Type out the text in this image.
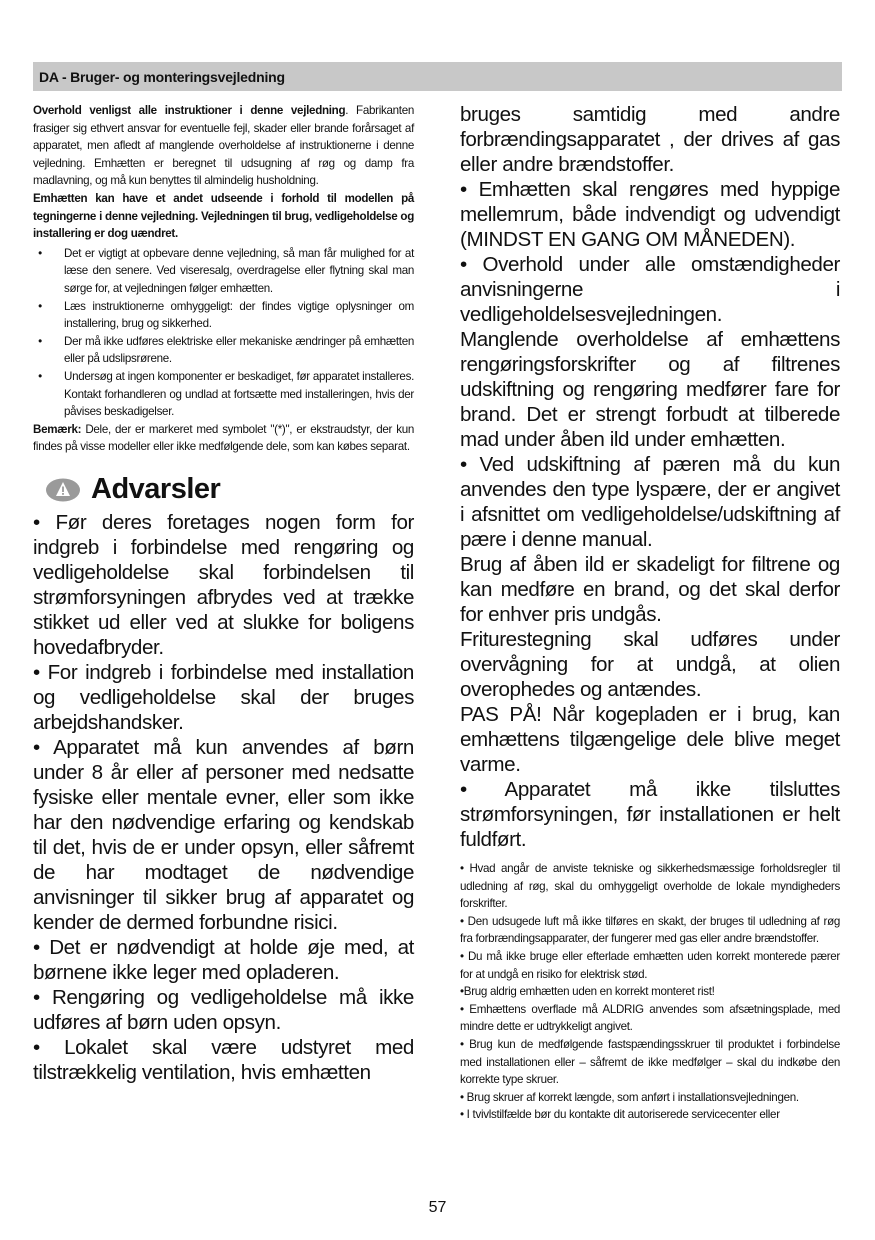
DA - Bruger- og monteringsvejledning

Overhold venligst alle instruktioner i denne vejledning. Fabrikanten frasiger sig ethvert ansvar for eventuelle fejl, skader eller brande forårsaget af apparatet, men afledt af manglende overholdelse af instruktionerne i denne vejledning. Emhætten er beregnet til udsugning af røg og damp fra madlavning, og må kun benyttes til almindelig husholdning.

Emhætten kan have et andet udseende i forhold til modellen på tegningerne i denne vejledning. Vejledningen til brug, vedligeholdelse og installering er dog uændret.

•	Det er vigtigt at opbevare denne vejledning, så man får mulighed for at læse den senere. Ved viseresalg, overdragelse eller flytning skal man sørge for, at vejledningen følger emhætten.
•	Læs instruktionerne omhyggeligt: der findes vigtige oplysninger om installering, brug og sikkerhed.
•	Der må ikke udføres elektriske eller mekaniske ændringer på emhætten eller på udslipsrørene.
•	Undersøg at ingen komponenter er beskadiget, før apparatet installeres. Kontakt forhandleren og undlad at fortsætte med installeringen, hvis der påvises beskadigelser.

Bemærk: Dele, der er markeret med symbolet "(*)", er ekstraudstyr, der kun findes på visse modeller eller ikke medfølgende dele, som kan købes separat.

Advarsler

• Før deres foretages nogen form for indgreb i forbindelse med rengøring og vedligeholdelse skal forbindelsen til strømforsyningen afbrydes ved at trække stikket ud eller ved at slukke for boligens hovedafbryder.

• For indgreb i forbindelse med installation og vedligeholdelse skal der bruges arbejdshandsker.

• Apparatet må kun anvendes af børn under 8 år eller af personer med nedsatte fysiske eller mentale evner, eller som ikke har den nødvendige erfaring og kendskab til det, hvis de er under opsyn, eller såfremt de har modtaget de nødvendige anvisninger til sikker brug af apparatet og kender de dermed forbundne risici.

• Det er nødvendigt at holde øje med, at børnene ikke leger med opladeren.

• Rengøring og vedligeholdelse må ikke udføres af børn uden opsyn.

• Lokalet skal være udstyret med tilstrækkelig ventilation, hvis emhætten

bruges samtidig med andre forbrændingsapparatet , der drives af gas eller andre brændstoffer.

• Emhætten skal rengøres med hyppige mellemrum, både indvendigt og udvendigt (MINDST EN GANG OM MÅNEDEN).

• Overhold under alle omstændigheder anvisningerne i vedligeholdelsesvejledningen.

Manglende overholdelse af emhættens rengøringsforskrifter og af filtrenes udskiftning og rengøring medfører fare for brand. Det er strengt forbudt at tilberede mad under åben ild under emhætten.

• Ved udskiftning af pæren må du kun anvendes den type lyspære, der er angivet i afsnittet om vedligeholdelse/udskiftning af pære i denne manual.

Brug af åben ild er skadeligt for filtrene og kan medføre en brand, og det skal derfor for enhver pris undgås.

Friturestegning skal udføres under overvågning for at undgå, at olien overophedes og antændes.

PAS PÅ! Når kogepladen er i brug, kan emhættens tilgængelige dele blive meget varme.

• Apparatet må ikke tilsluttes strømforsyningen, før installationen er helt fuldført.

• Hvad angår de anviste tekniske og sikkerhedsmæssige forholdsregler til udledning af røg, skal du omhyggeligt overholde de lokale myndigheders forskrifter.

• Den udsugede luft må ikke tilføres en skakt, der bruges til udledning af røg fra forbrændingsapparater, der fungerer med gas eller andre brændstoffer.

• Du må ikke bruge eller efterlade emhætten uden korrekt monterede pærer for at undgå en risiko for elektrisk stød.

•Brug aldrig emhætten uden en korrekt monteret rist!

• Emhættens overflade må ALDRIG anvendes som afsætningsplade, med mindre dette er udtrykkeligt angivet.

• Brug kun de medfølgende fastspændingsskruer til produktet i forbindelse med installationen eller – såfremt de ikke medfølger – skal du indkøbe den korrekte type skruer.

• Brug skruer af korrekt længde, som anført i installationsvejledningen.

• I tvivlstilfælde bør du kontakte dit autoriserede servicecenter eller

57
